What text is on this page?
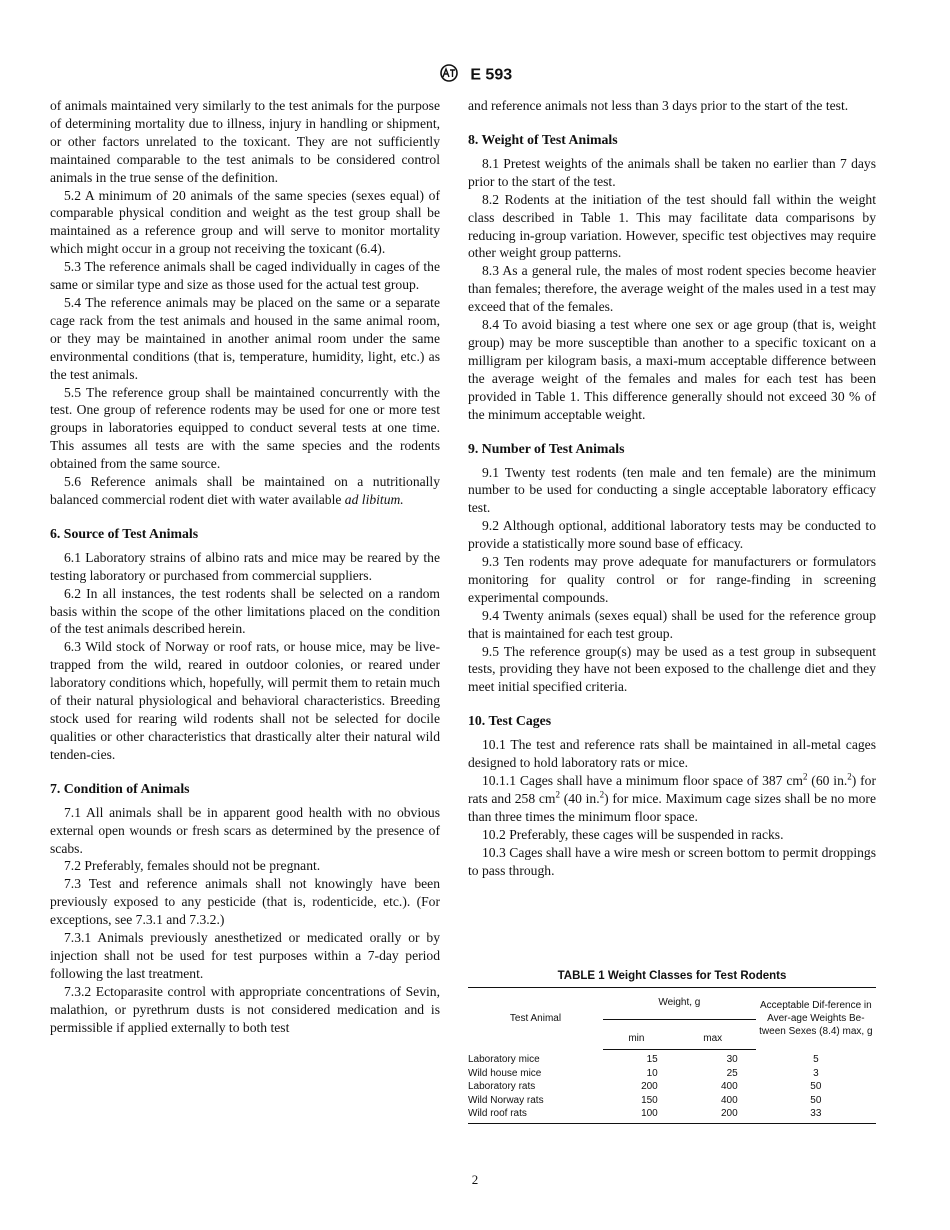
E 593

of animals maintained very similarly to the test animals for the purpose of determining mortality due to illness, injury in handling or shipment, or other factors unrelated to the toxicant. They are not sufficiently maintained comparable to the test animals to be considered control animals in the true sense of the definition.

5.2 A minimum of 20 animals of the same species (sexes equal) of comparable physical condition and weight as the test group shall be maintained as a reference group and will serve to monitor mortality which might occur in a group not receiving the toxicant (6.4).

5.3 The reference animals shall be caged individually in cages of the same or similar type and size as those used for the actual test group.

5.4 The reference animals may be placed on the same or a separate cage rack from the test animals and housed in the same animal room, or they may be maintained in another animal room under the same environmental conditions (that is, temperature, humidity, light, etc.) as the test animals.

5.5 The reference group shall be maintained concurrently with the test. One group of reference rodents may be used for one or more test groups in laboratories equipped to conduct several tests at one time. This assumes all tests are with the same species and the rodents obtained from the same source.

5.6 Reference animals shall be maintained on a nutritionally balanced commercial rodent diet with water available ad libitum.

6. Source of Test Animals

6.1 Laboratory strains of albino rats and mice may be reared by the testing laboratory or purchased from commercial suppliers.

6.2 In all instances, the test rodents shall be selected on a random basis within the scope of the other limitations placed on the condition of the test animals described herein.

6.3 Wild stock of Norway or roof rats, or house mice, may be live-trapped from the wild, reared in outdoor colonies, or reared under laboratory conditions which, hopefully, will permit them to retain much of their natural physiological and behavioral characteristics. Breeding stock used for rearing wild rodents shall not be selected for docile qualities or other characteristics that drastically alter their natural wild tenden-cies.

7. Condition of Animals

7.1 All animals shall be in apparent good health with no obvious external open wounds or fresh scars as determined by the presence of scabs.

7.2 Preferably, females should not be pregnant.

7.3 Test and reference animals shall not knowingly have been previously exposed to any pesticide (that is, rodenticide, etc.). (For exceptions, see 7.3.1 and 7.3.2.)

7.3.1 Animals previously anesthetized or medicated orally or by injection shall not be used for test purposes within a 7-day period following the last treatment.

7.3.2 Ectoparasite control with appropriate concentrations of Sevin, malathion, or pyrethrum dusts is not considered medication and is permissible if applied externally to both test

and reference animals not less than 3 days prior to the start of the test.

8. Weight of Test Animals

8.1 Pretest weights of the animals shall be taken no earlier than 7 days prior to the start of the test.

8.2 Rodents at the initiation of the test should fall within the weight class described in Table 1. This may facilitate data comparisons by reducing in-group variation. However, specific test objectives may require other weight group patterns.

8.3 As a general rule, the males of most rodent species become heavier than females; therefore, the average weight of the males used in a test may exceed that of the females.

8.4 To avoid biasing a test where one sex or age group (that is, weight group) may be more susceptible than another to a specific toxicant on a milligram per kilogram basis, a maxi-mum acceptable difference between the average weight of the females and males for each test has been provided in Table 1. This difference generally should not exceed 30 % of the minimum acceptable weight.

9. Number of Test Animals

9.1 Twenty test rodents (ten male and ten female) are the minimum number to be used for conducting a single acceptable laboratory efficacy test.

9.2 Although optional, additional laboratory tests may be conducted to provide a statistically more sound base of efficacy.

9.3 Ten rodents may prove adequate for manufacturers or formulators monitoring for quality control or for range-finding in screening experimental compounds.

9.4 Twenty animals (sexes equal) shall be used for the reference group that is maintained for each test group.

9.5 The reference group(s) may be used as a test group in subsequent tests, providing they have not been exposed to the challenge diet and they meet initial specified criteria.

10. Test Cages

10.1 The test and reference rats shall be maintained in all-metal cages designed to hold laboratory rats or mice.

10.1.1 Cages shall have a minimum floor space of 387 $cm^2$ (60 in.$^2$) for rats and 258 $cm^2$ (40 in.$^2$) for mice. Maximum cage sizes shall be no more than three times the minimum floor space.

10.2 Preferably, these cages will be suspended in racks.

10.3 Cages shall have a wire mesh or screen bottom to permit droppings to pass through.

TABLE 1 Weight Classes for Test Rodents
Test Animal	Weight, g		Acceptable Dif-ference in Aver-age Weights Be-tween Sexes (8.4) max, g
	min	max	
Laboratory mice	15	30	5
Wild house mice	10	25	3
Laboratory rats	200	400	50
Wild Norway rats	150	400	50
Wild roof rats	100	200	33
2
